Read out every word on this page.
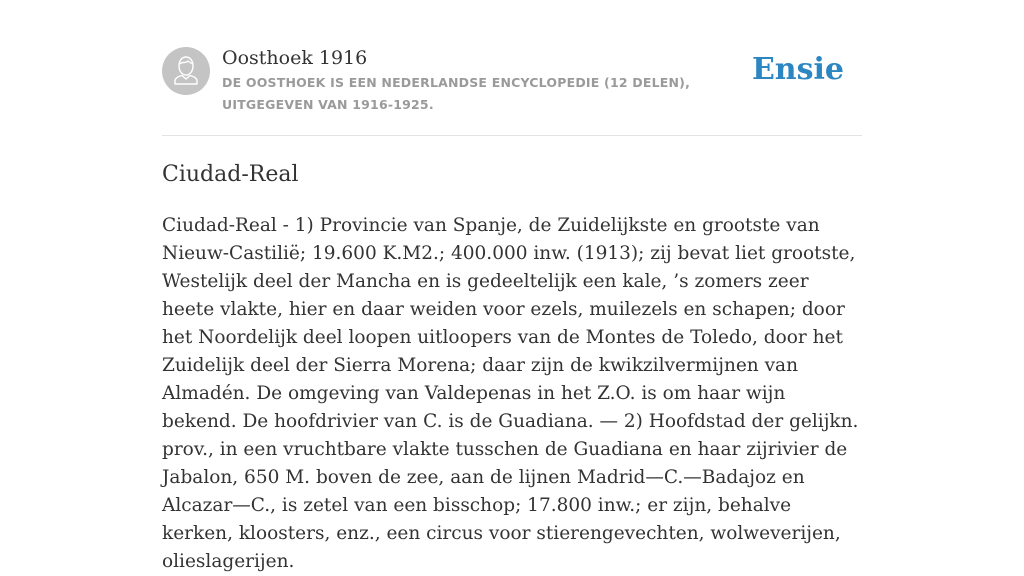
Oosthoek 1916
DE OOSTHOEK IS EEN NEDERLANDSE ENCYCLOPEDIE (12 DELEN), UITGEGEVEN VAN 1916-1925.
Ensie
Ciudad-Real

Ciudad-Real - 1) Provincie van Spanje, de Zuidelijkste en grootste van Nieuw-Castilië; 19.600 K.M2.; 400.000 inw. (1913); zij bevat liet grootste, Westelijk deel der Mancha en is gedeeltelijk een kale, ’s zomers zeer heete vlakte, hier en daar weiden voor ezels, muilezels en schapen; door het Noordelijk deel loopen uitloopers van de Montes de Toledo, door het Zuidelijk deel der Sierra Morena; daar zijn de kwikzilvermijnen van Almadén. De omgeving van Valdepenas in het Z.O. is om haar wijn bekend. De hoofdrivier van C. is de Guadiana. — 2) Hoofdstad der gelijkn. prov., in een vruchtbare vlakte tusschen de Guadiana en haar zijrivier de Jabalon, 650 M. boven de zee, aan de lijnen Madrid—C.—Badajoz en Alcazar—C., is zetel van een bisschop; 17.800 inw.; er zijn, behalve kerken, kloosters, enz., een circus voor stierengevechten, wolweverijen, olieslagerijen.
